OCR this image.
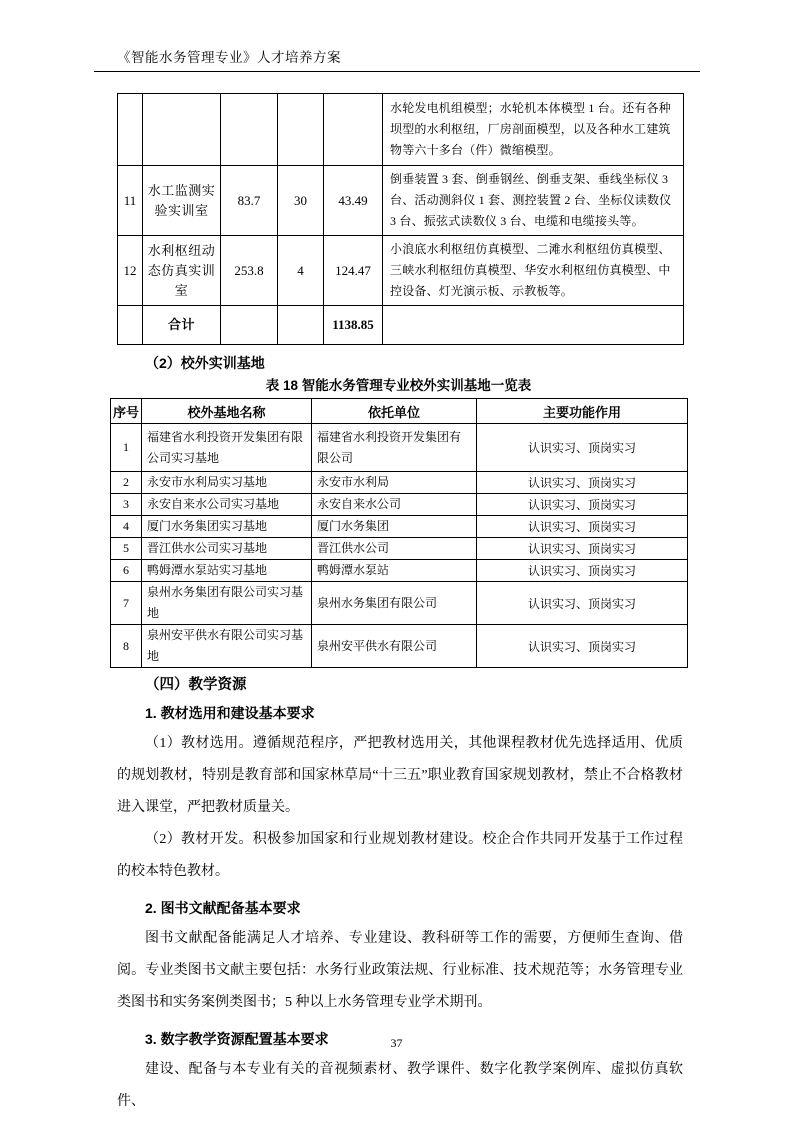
《智能水务管理专业》人才培养方案
					水轮发电机组模型；水轮机本体模型 1 台。还有各种坝型的水利枢纽，厂房剖面模型，以及各种水工建筑物等六十多台（件）微缩模型。
11	水工监测实验实训室	83.7	30	43.49	倒垂装置 3 套、倒垂钢丝、倒垂支架、垂线坐标仪 3 台、活动测斜仪 1 套、测控装置 2 台、坐标仪读数仪 3 台、振弦式读数仪 3 台、电缆和电缆接头等。
12	水利枢纽动态仿真实训室	253.8	4	124.47	小浪底水利枢纽仿真模型、二滩水利枢纽仿真模型、三峡水利枢纽仿真模型、华安水利枢纽仿真模型、中控设备、灯光演示板、示教板等。
	合计			1138.85	
（2）校外实训基地
表 18 智能水务管理专业校外实训基地一览表
序号	校外基地名称	依托单位	主要功能作用
1	福建省水利投资开发集团有限公司实习基地	福建省水利投资开发集团有限公司	认识实习、顶岗实习
2	永安市水利局实习基地	永安市水利局	认识实习、顶岗实习
3	永安自来水公司实习基地	永安自来水公司	认识实习、顶岗实习
4	厦门水务集团实习基地	厦门水务集团	认识实习、顶岗实习
5	晋江供水公司实习基地	晋江供水公司	认识实习、顶岗实习
6	鸭姆潭水泵站实习基地	鸭姆潭水泵站	认识实习、顶岗实习
7	泉州水务集团有限公司实习基地	泉州水务集团有限公司	认识实习、顶岗实习
8	泉州安平供水有限公司实习基地	泉州安平供水有限公司	认识实习、顶岗实习
（四）教学资源
1. 教材选用和建设基本要求

（1）教材选用。遵循规范程序，严把教材选用关，其他课程教材优先选择适用、优质的规划教材，特别是教育部和国家林草局“十三五”职业教育国家规划教材，禁止不合格教材进入课堂，严把教材质量关。

（2）教材开发。积极参加国家和行业规划教材建设。校企合作共同开发基于工作过程的校本特色教材。

2. 图书文献配备基本要求

图书文献配备能满足人才培养、专业建设、教科研等工作的需要，方便师生查询、借阅。专业类图书文献主要包括：水务行业政策法规、行业标准、技术规范等；水务管理专业类图书和实务案例类图书；5 种以上水务管理专业学术期刊。

3. 数字教学资源配置基本要求

建设、配备与本专业有关的音视频素材、教学课件、数字化教学案例库、虚拟仿真软件、

37
